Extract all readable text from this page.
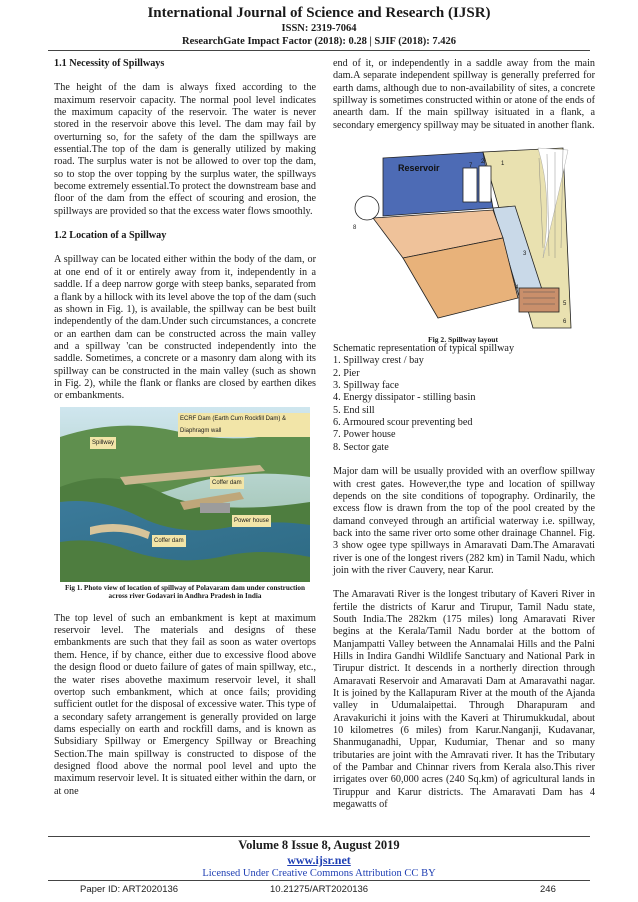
International Journal of Science and Research (IJSR)
ISSN: 2319-7064
ResearchGate Impact Factor (2018): 0.28 | SJIF (2018): 7.426
1.1 Necessity of Spillways

The height of the dam is always fixed according to the maximum reservoir capacity. The normal pool level indicates the maximum capacity of the reservoir. The water is never stored in the reservoir above this level. The dam may fail by overturning so, for the safety of the dam the spillways are essential.The top of the dam is generally utilized by making road. The surplus water is not be allowed to over top the dam, so to stop the over topping by the surplus water, the spillways become extremely essential.To protect the downstream base and floor of the dam from the effect of scouring and erosion, the spillways are provided so that the excess water flows smoothly.

1.2 Location of a Spillway

A spillway can be located either within the body of the dam, or at one end of it or entirely away from it, independently in a saddle. If a deep narrow gorge with steep banks, separated from a flank by a hillock with its level above the top of the dam (such as shown in Fig. 1), is available, the spillway can be best built independently of the dam.Under such circumstances, a concrete or an earthen dam can be constructed across the main valley and a spillway 'can be constructed independently into the saddle. Sometimes, a concrete or a masonry dam along with its spillway can be constructed in the main valley (such as shown in Fig. 2), while the flank or flanks are closed by earthen dikes or embankments.

ECRF Dam (Earth Cum Rockfill Dam) & Diaphragm wall
Spillway
Coffer dam
Power house
Coffer dam
Fig 1. Photo view of location of spillway of Polavaram dam under construction across river Godavari in Andhra Pradesh in India

The top level of such an embankment is kept at maximum reservoir level. The materials and designs of these embankments are such that they fail as soon as water overtops them. Hence, if by chance, either due to excessive flood above the design flood or dueto failure of gates of main spillway, etc., the water rises abovethe maximum reservoir level, it shall overtop such embankment, which at once fails; providing sufficient outlet for the disposal of excessive water. This type of a secondary safety arrangement is generally provided on large dams especially on earth and rockfill dams, and is known as Subsidiary Spillway or Emergency Spillway or Breaching Section.The main spillway is constructed to dispose of the designed flood above the normal pool level and upto the maximum reservoir level. It is situated either within the darn, or at one

end of it, or independently in a saddle away from the main dam.A separate independent spillway is generally preferred for earth dams, although due to non-availability of sites, a concrete spillway is sometimes constructed within or atone of the ends of anearth dam. If the main spillway isituated in a flank, a secondary emergency spillway may be situated in another flank.

Reservoir	1
2
3
4
5
6
7
8
Fig 2. Spillway layout

Schematic representation of typical spillway

1. Spillway crest / bay

2. Pier

3. Spillway face

4. Energy dissipator - stilling basin

5. End sill

6. Armoured scour preventing bed

7. Power house

8. Sector gate

Major dam will be usually provided with an overflow spillway with crest gates. However,the type and location of spillway depends on the site conditions of topography. Ordinarily, the excess flow is drawn from the top of the pool created by the damand conveyed through an artificial waterway i.e. spillway, back into the same river orto some other drainage Channel. Fig. 3 show ogee type spillways in Amaravati Dam.The Amaravati river is one of the longest rivers (282 km) in Tamil Nadu, which join with the river Cauvery, near Karur.

The Amaravati River is the longest tributary of Kaveri River in fertile the districts of Karur and Tirupur, Tamil Nadu state, South India.The 282km (175 miles) long Amaravati River begins at the Kerala/Tamil Nadu border at the bottom of Manjampatti Valley between the Annamalai Hills and the Palni Hills in Indira Gandhi Wildlife Sanctuary and National Park in Tirupur district. It descends in a northerly direction through Amaravati Reservoir and Amaravati Dam at Amaravathi nagar. It is joined by the Kallapuram River at the mouth of the Ajanda valley in Udumalaipettai. Through Dharapuram and Aravakurichi it joins with the Kaveri at Thirumukkudal, about 10 kilometres (6 miles) from Karur.Nanganji, Kudavanar, Shanmuganadhi, Uppar, Kudumiar, Thenar and so many tributaries are joint with the Amravati river. It has the Tributary of the Pambar and Chinnar rivers from Kerala also.This river irrigates over 60,000 acres (240 Sq.km) of agricultural lands in Tiruppur and Karur districts. The Amaravati Dam has 4 megawatts of

Volume 8 Issue 8, August 2019
www.ijsr.net
Licensed Under Creative Commons Attribution CC BY
Paper ID: ART2020136	10.21275/ART2020136	246
